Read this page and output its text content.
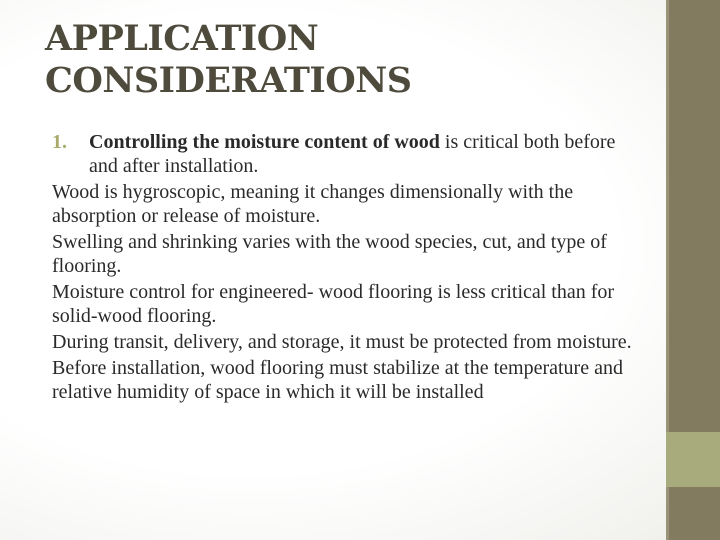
APPLICATION
CONSIDERATIONS

1. Controlling the moisture content of wood is critical both before and after installation.

Wood is hygroscopic, meaning it changes dimensionally with the absorption or release of moisture.

Swelling and shrinking varies with the wood species, cut, and type of flooring.

Moisture control for engineered- wood flooring is less critical than for solid-wood flooring.

During transit, delivery, and storage, it must be protected from moisture.

Before installation, wood flooring must stabilize at the temperature and relative humidity of space in which it will be installed
